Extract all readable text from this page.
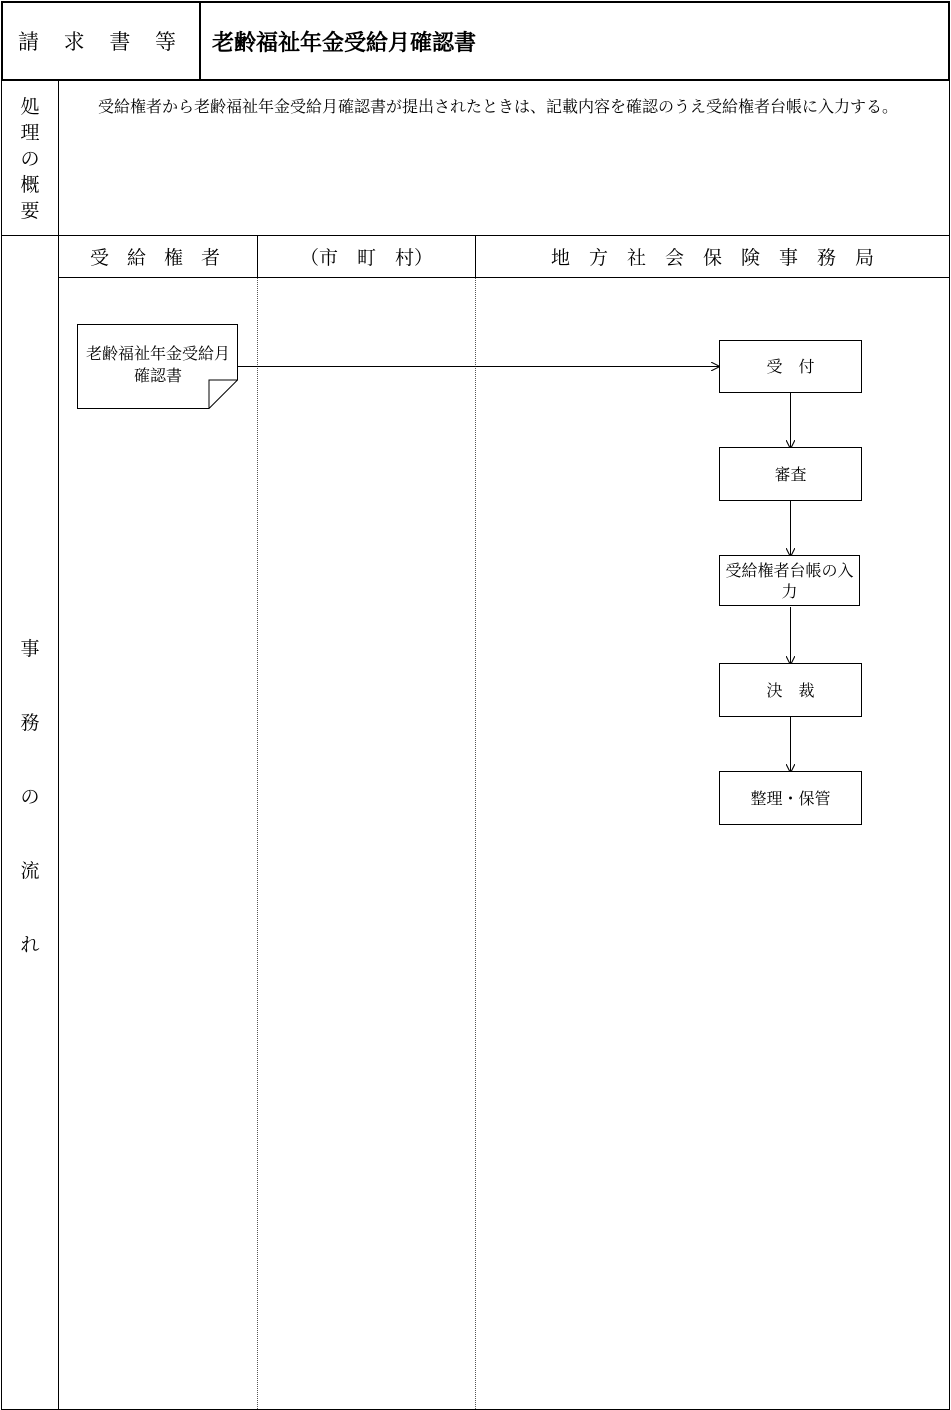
請 求 書 等	老齢福祉年金受給月確認書
処
理
の
概
要
受給権者から老齢福祉年金受給月確認書が提出されたときは、記載内容を確認のうえ受給権者台帳に入力する。
事
務
の
流
れ
受 給 権 者	（市　町　村）	地　方　社　会　保　険　事　務　局
老齢福祉年金受給月確認書	受　付
審査
受給権者台帳の入力
決　裁
整理・保管
